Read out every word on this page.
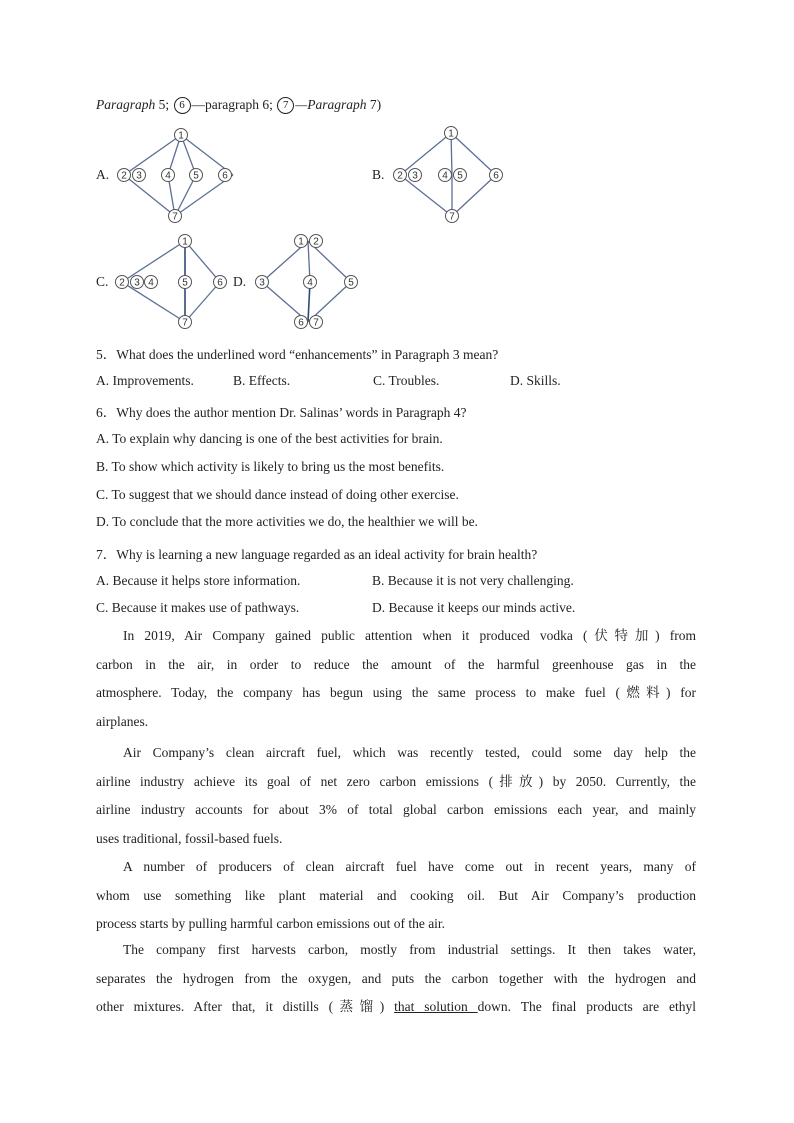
Paragraph 5; 6 —paragraph 6; 7 —Paragraph 7)
A.
1
2 3 4 5 6
7
1
2 3 4 5	6
7
1
2 3 4	5	6
7
1 2
3	4	5
6 7
B.
C.	D.
5．What does the underlined word “enhancements” in Paragraph 3 mean?
A. Improvements.	B. Effects.	C. Troubles.	D. Skills.
6．Why does the author mention Dr. Salinas’ words in Paragraph 4?
A. To explain why dancing is one of the best activities for brain.
B. To show which activity is likely to bring us the most benefits.
C. To suggest that we should dance instead of doing other exercise.
D. To conclude that the more activities we do, the healthier we will be.
7．Why is learning a new language regarded as an ideal activity for brain health?
A. Because it helps store information.	B. Because it is not very challenging.
C. Because it makes use of pathways.	D. Because it keeps our minds active.
In 2019, Air Company gained public attention when it produced vodka (伏特加) from
carbon in the air, in order to reduce the amount of the harmful greenhouse gas in the
atmosphere. Today, the company has begun using the same process to make fuel (燃料) for
airplanes.
Air Company’s clean aircraft fuel, which was recently tested, could some day help the
airline industry achieve its goal of net zero carbon emissions (排放) by 2050. Currently, the
airline industry accounts for about 3% of total global carbon emissions each year, and mainly
uses traditional, fossil-based fuels.
A number of producers of clean aircraft fuel have come out in recent years, many of
whom use something like plant material and cooking oil. But Air Company’s production
process starts by pulling harmful carbon emissions out of the air.
The company first harvests carbon, mostly from industrial settings. It then takes water,
separates the hydrogen from the oxygen, and puts the carbon together with the hydrogen and
other mixtures. After that, it distills (蒸馏) that solution down. The final products are ethyl
